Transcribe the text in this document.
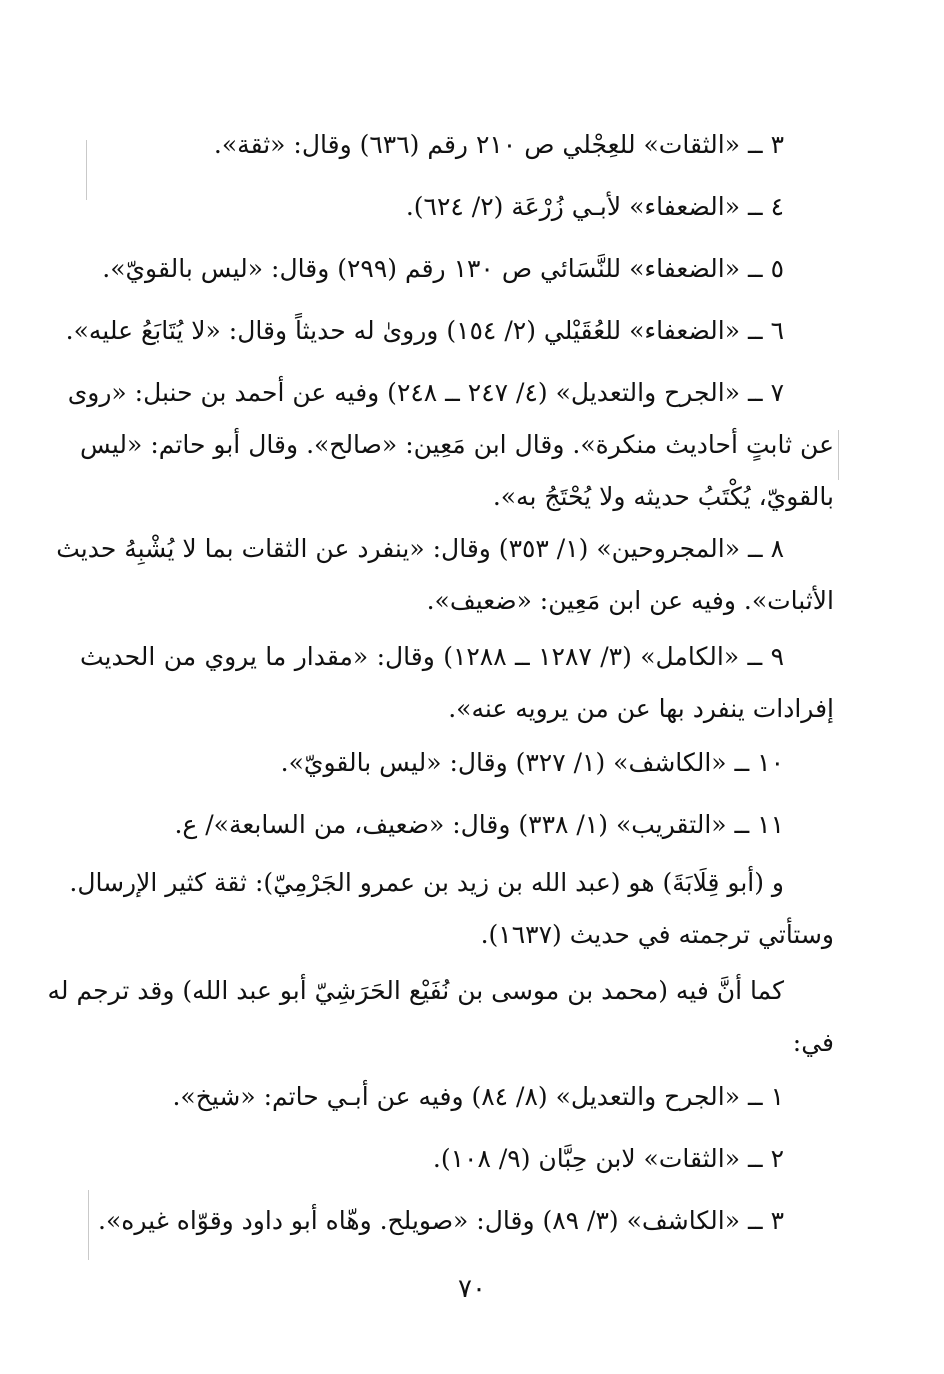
٣ ــ «الثقات» للعِجْلي ص ٢١٠ رقم (٦٣٦) وقال: «ثقة».
٤ ــ «الضعفاء» لأبـي زُرْعَة (٢/ ٦٢٤).
٥ ــ «الضعفاء» للنَّسَائي ص ١٣٠ رقم (٢٩٩) وقال: «ليس بالقويّ».
٦ ــ «الضعفاء» للعُقَيْلي (٢/ ١٥٤) وروىٰ له حديثاً وقال: «لا يُتَابَعُ عليه».
٧ ــ «الجرح والتعديل» (٤/ ٢٤٧ ــ ٢٤٨) وفيه عن أحمد بن حنبل: «روى
عن ثابتٍ أحاديث منكرة». وقال ابن مَعِين: «صالح». وقال أبو حاتم: «ليس
بالقويّ، يُكْتَبُ حديثه ولا يُحْتَجُ به».
٨ ــ «المجروحين» (١/ ٣٥٣) وقال: «ينفرد عن الثقات بما لا يُشْبِهُ حديث
الأثبات». وفيه عن ابن مَعِين: «ضعيف».
٩ ــ «الكامل» (٣/ ١٢٨٧ ــ ١٢٨٨) وقال: «مقدار ما يروي من الحديث
إفرادات ينفرد بها عن من يرويه عنه».
١٠ ــ «الكاشف» (١/ ٣٢٧) وقال: «ليس بالقويّ».
١١ ــ «التقريب» (١/ ٣٣٨) وقال: «ضعيف، من السابعة»/ ع.
و (أبو قِلَابَةَ) هو (عبد الله بن زيد بن عمرو الجَرْمِيّ): ثقة كثير الإرسال.
وستأتي ترجمته في حديث (١٦٣٧).
كما أنَّ فيه (محمد بن موسى بن نُفَيْع الحَرَشِيّ أبو عبد الله) وقد ترجم له
في:
١ ــ «الجرح والتعديل» (٨/ ٨٤) وفيه عن أبـي حاتم: «شيخ».
٢ ــ «الثقات» لابن حِبَّان (٩/ ١٠٨).
٣ ــ «الكاشف» (٣/ ٨٩) وقال: «صويلح. وهّاه أبو داود وقوّاه غيره».
٧٠
